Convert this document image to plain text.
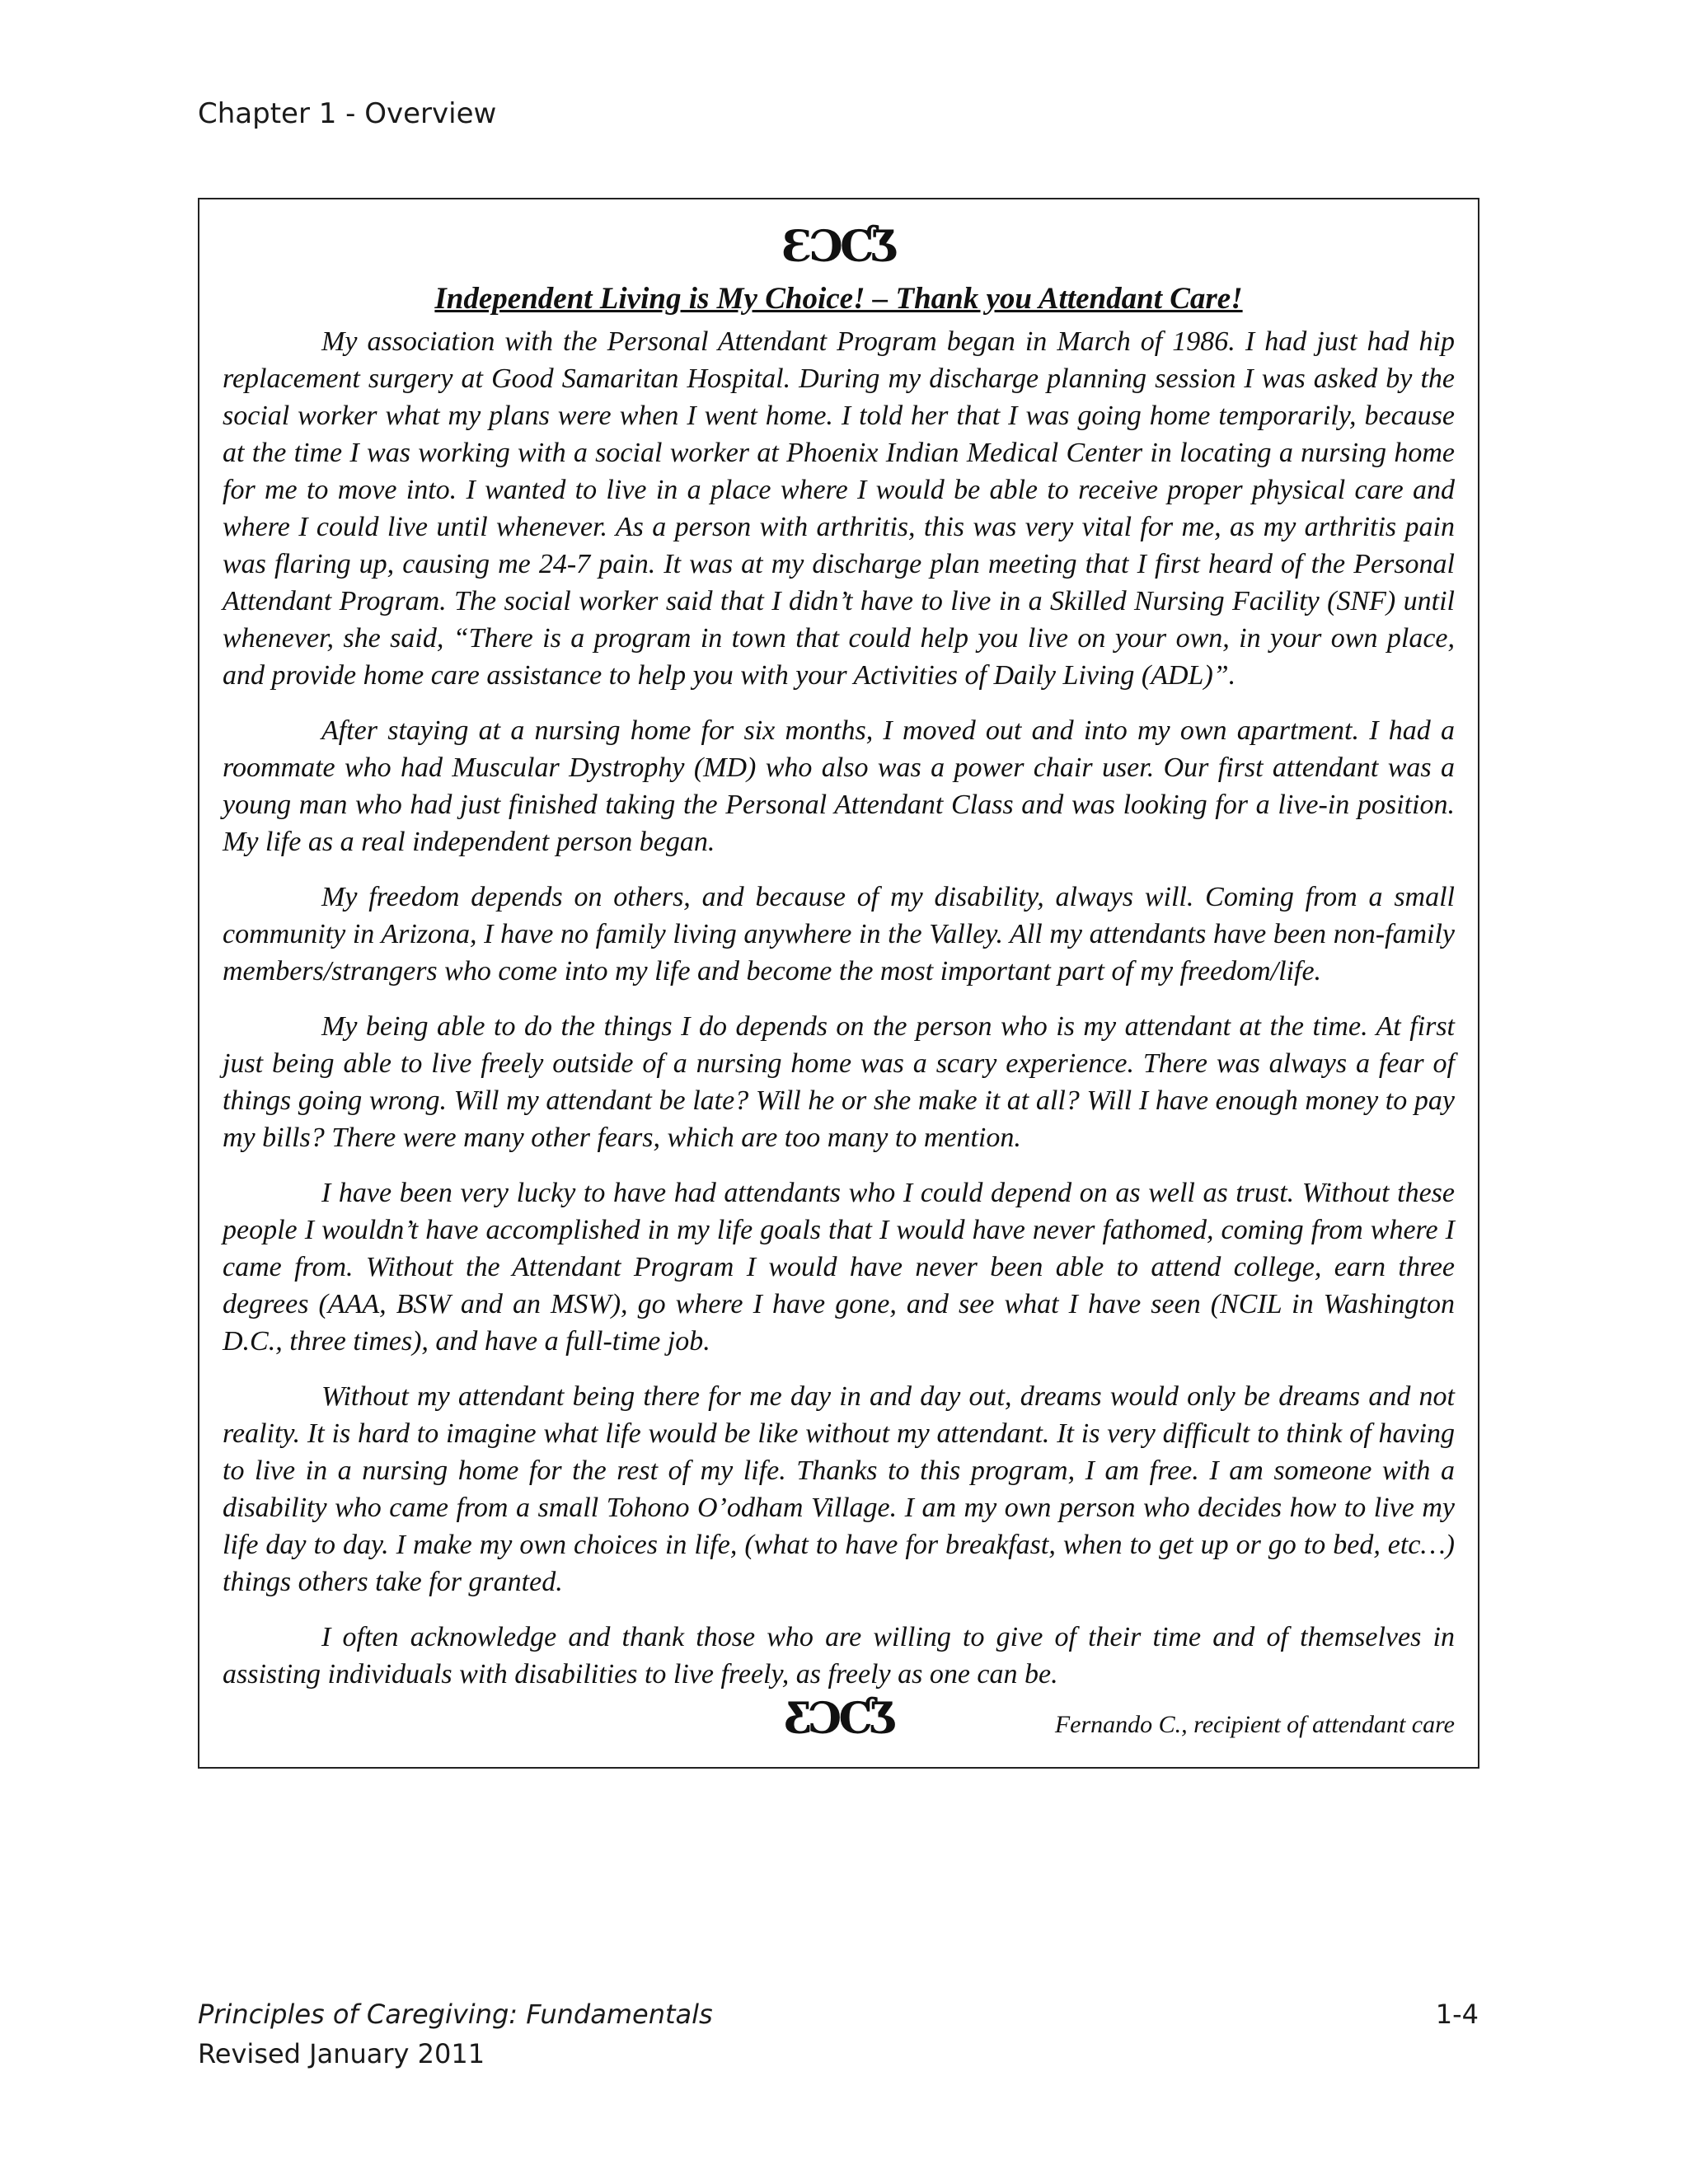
Chapter 1 - Overview
ƐƆƇƷ
Independent Living is My Choice! – Thank you Attendant Care!

My association with the Personal Attendant Program began in March of 1986. I had just had hip replacement surgery at Good Samaritan Hospital. During my discharge planning session I was asked by the social worker what my plans were when I went home. I told her that I was going home temporarily, because at the time I was working with a social worker at Phoenix Indian Medical Center in locating a nursing home for me to move into. I wanted to live in a place where I would be able to receive proper physical care and where I could live until whenever. As a person with arthritis, this was very vital for me, as my arthritis pain was flaring up, causing me 24-7 pain. It was at my discharge plan meeting that I first heard of the Personal Attendant Program. The social worker said that I didn’t have to live in a Skilled Nursing Facility (SNF) until whenever, she said, “There is a program in town that could help you live on your own, in your own place, and provide home care assistance to help you with your Activities of Daily Living (ADL)”.

After staying at a nursing home for six months, I moved out and into my own apartment. I had a roommate who had Muscular Dystrophy (MD) who also was a power chair user. Our first attendant was a young man who had just finished taking the Personal Attendant Class and was looking for a live-in position. My life as a real independent person began.

My freedom depends on others, and because of my disability, always will. Coming from a small community in Arizona, I have no family living anywhere in the Valley. All my attendants have been non-family members/strangers who come into my life and become the most important part of my freedom/life.

My being able to do the things I do depends on the person who is my attendant at the time. At first just being able to live freely outside of a nursing home was a scary experience. There was always a fear of things going wrong. Will my attendant be late? Will he or she make it at all? Will I have enough money to pay my bills? There were many other fears, which are too many to mention.

I have been very lucky to have had attendants who I could depend on as well as trust. Without these people I wouldn’t have accomplished in my life goals that I would have never fathomed, coming from where I came from. Without the Attendant Program I would have never been able to attend college, earn three degrees (AAA, BSW and an MSW), go where I have gone, and see what I have seen (NCIL in Washington D.C., three times), and have a full-time job.

Without my attendant being there for me day in and day out, dreams would only be dreams and not reality. It is hard to imagine what life would be like without my attendant. It is very difficult to think of having to live in a nursing home for the rest of my life. Thanks to this program, I am free. I am someone with a disability who came from a small Tohono O’odham Village. I am my own person who decides how to live my life day to day. I make my own choices in life, (what to have for breakfast, when to get up or go to bed, etc…) things others take for granted.

I often acknowledge and thank those who are willing to give of their time and of themselves in assisting individuals with disabilities to live freely, as freely as one can be.

Fernando C., recipient of attendant care
ƸƆƇƷ
Principles of Caregiving: Fundamentals
Revised January 2011
1-4
